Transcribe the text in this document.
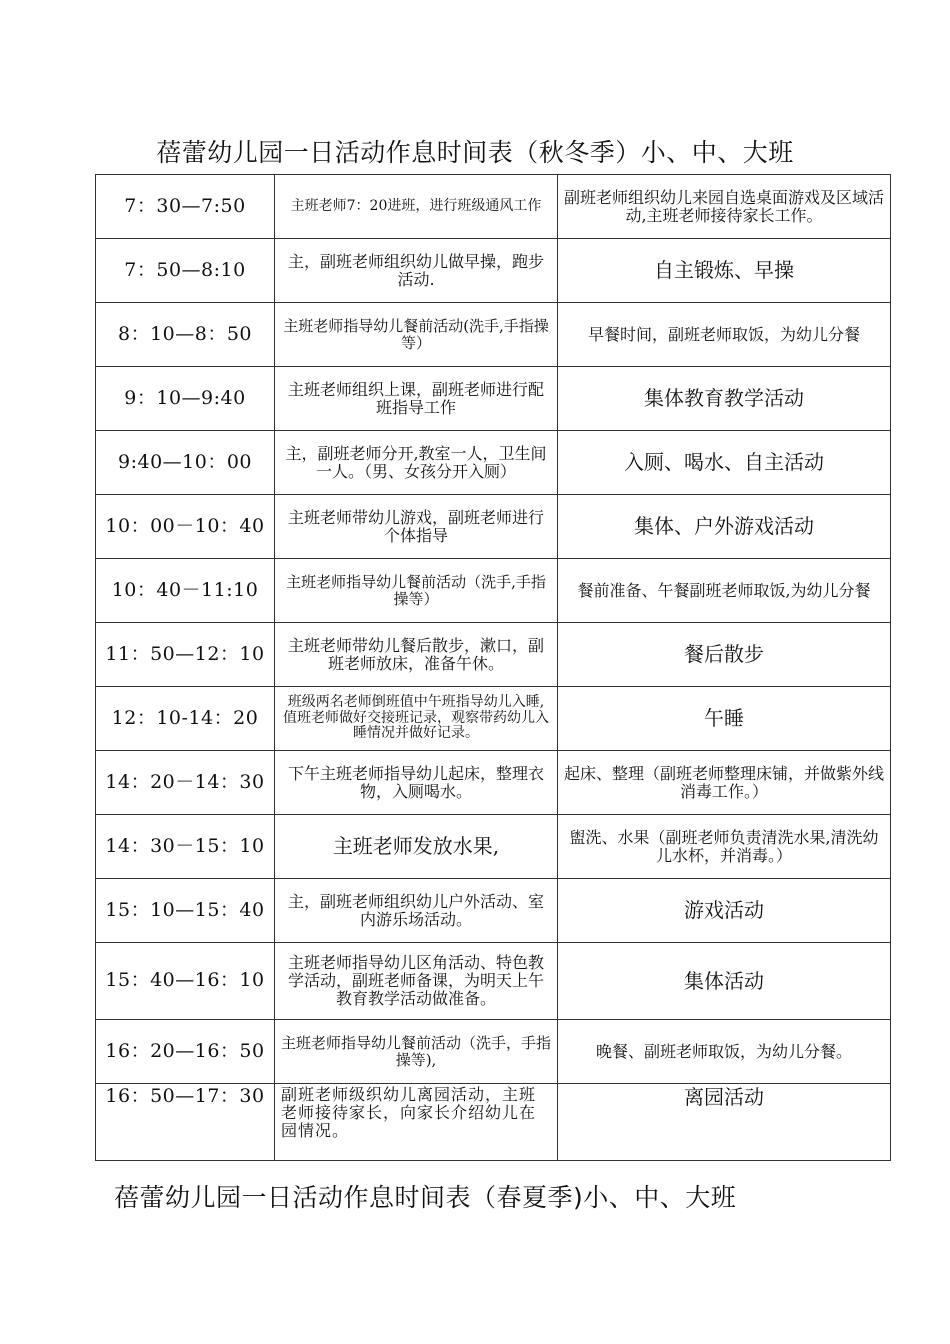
蓓蕾幼儿园一日活动作息时间表（秋冬季）小、中、大班
7：30—7:50	主班老师7：20进班，进行班级通风工作	副班老师组织幼儿来园自选桌面游戏及区域活动,主班老师接待家长工作。
7：50—8:10	主，副班老师组织幼儿做早操，跑步活动.	自主锻炼、早操
8：10—8：50	主班老师指导幼儿餐前活动(洗手,手指操等）	早餐时间，副班老师取饭，为幼儿分餐
9：10—9:40	主班老师组织上课，副班老师进行配班指导工作	集体教育教学活动
9:40—10：00	主，副班老师分开,教室一人，卫生间一人。（男、女孩分开入厕）	入厕、喝水、自主活动
10：00－10：40	主班老师带幼儿游戏，副班老师进行个体指导	集体、户外游戏活动
10：40－11:10	主班老师指导幼儿餐前活动（洗手,手指操等）	餐前准备、午餐副班老师取饭,为幼儿分餐
11：50—12：10	主班老师带幼儿餐后散步，漱口，副班老师放床，准备午休。	餐后散步
12：10-14：20	班级两名老师倒班值中午班指导幼儿入睡,值班老师做好交接班记录，观察带药幼儿入睡情况并做好记录。	午睡
14：20－14：30	下午主班老师指导幼儿起床，整理衣物，入厕喝水。	起床、整理（副班老师整理床铺，并做紫外线消毒工作。）
14：30－15：10	主班老师发放水果,	盥洗、水果（副班老师负责清洗水果,清洗幼儿水杯，并消毒。）
15：10—15：40	主，副班老师组织幼儿户外活动、室内游乐场活动。	游戏活动
15：40—16：10	主班老师指导幼儿区角活动、特色教学活动，副班老师备课，为明天上午教育教学活动做准备。	集体活动
16：20—16：50	主班老师指导幼儿餐前活动（洗手，手指操等),	晚餐、副班老师取饭，为幼儿分餐。
16：50—17：30	副班老师级织幼儿离园活动，主班老师接待家长，向家长介绍幼儿在园情况。	离园活动
蓓蕾幼儿园一日活动作息时间表（春夏季)小、中、大班
